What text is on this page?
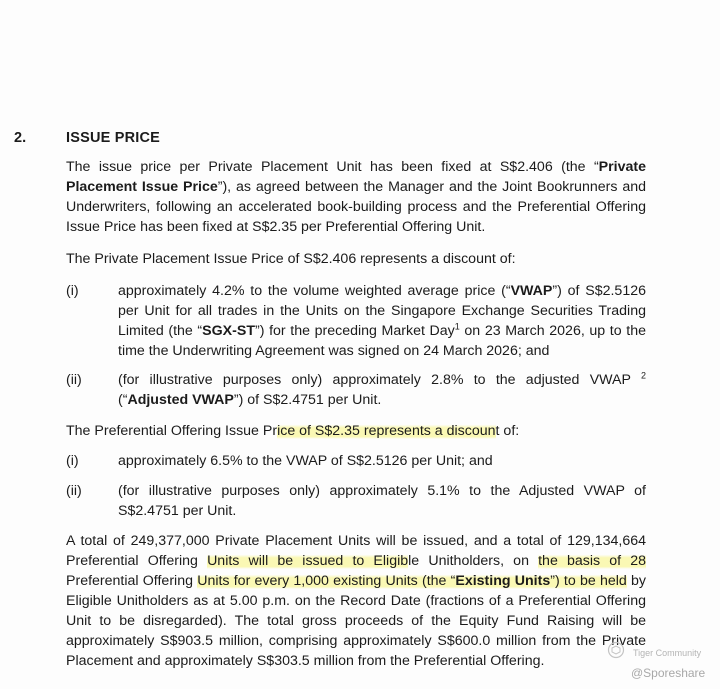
2.	ISSUE PRICE
The issue price per Private Placement Unit has been fixed at S$2.406 (the “Private Placement Issue Price”), as agreed between the Manager and the Joint Bookrunners and Underwriters, following an accelerated book-building process and the Preferential Offering Issue Price has been fixed at S$2.35 per Preferential Offering Unit.
The Private Placement Issue Price of S$2.406 represents a discount of:
(i)	approximately 4.2% to the volume weighted average price (“VWAP”) of S$2.5126 per Unit for all trades in the Units on the Singapore Exchange Securities Trading Limited (the “SGX-ST”) for the preceding Market Day$^1$ on 23 March 2026, up to the time the Underwriting Agreement was signed on 24 March 2026; and
(ii)	(for illustrative purposes only) approximately 2.8% to the adjusted VWAP $^2$ (“Adjusted VWAP”) of S$2.4751 per Unit.
The Preferential Offering Issue Price of S$2.35 represents a discount of:
(i)	approximately 6.5% to the VWAP of S$2.5126 per Unit; and
(ii)	(for illustrative purposes only) approximately 5.1% to the Adjusted VWAP of S$2.4751 per Unit.
A total of 249,377,000 Private Placement Units will be issued, and a total of 129,134,664 Preferential Offering Units will be issued to Eligible Unitholders, on the basis of 28 Preferential Offering Units for every 1,000 existing Units (the “Existing Units”) to be held by Eligible Unitholders as at 5.00 p.m. on the Record Date (fractions of a Preferential Offering Unit to be disregarded). The total gross proceeds of the Equity Fund Raising will be approximately S$903.5 million, comprising approximately S$600.0 million from the Private Placement and approximately S$303.5 million from the Preferential Offering.	Tiger Community
@Sporeshare
